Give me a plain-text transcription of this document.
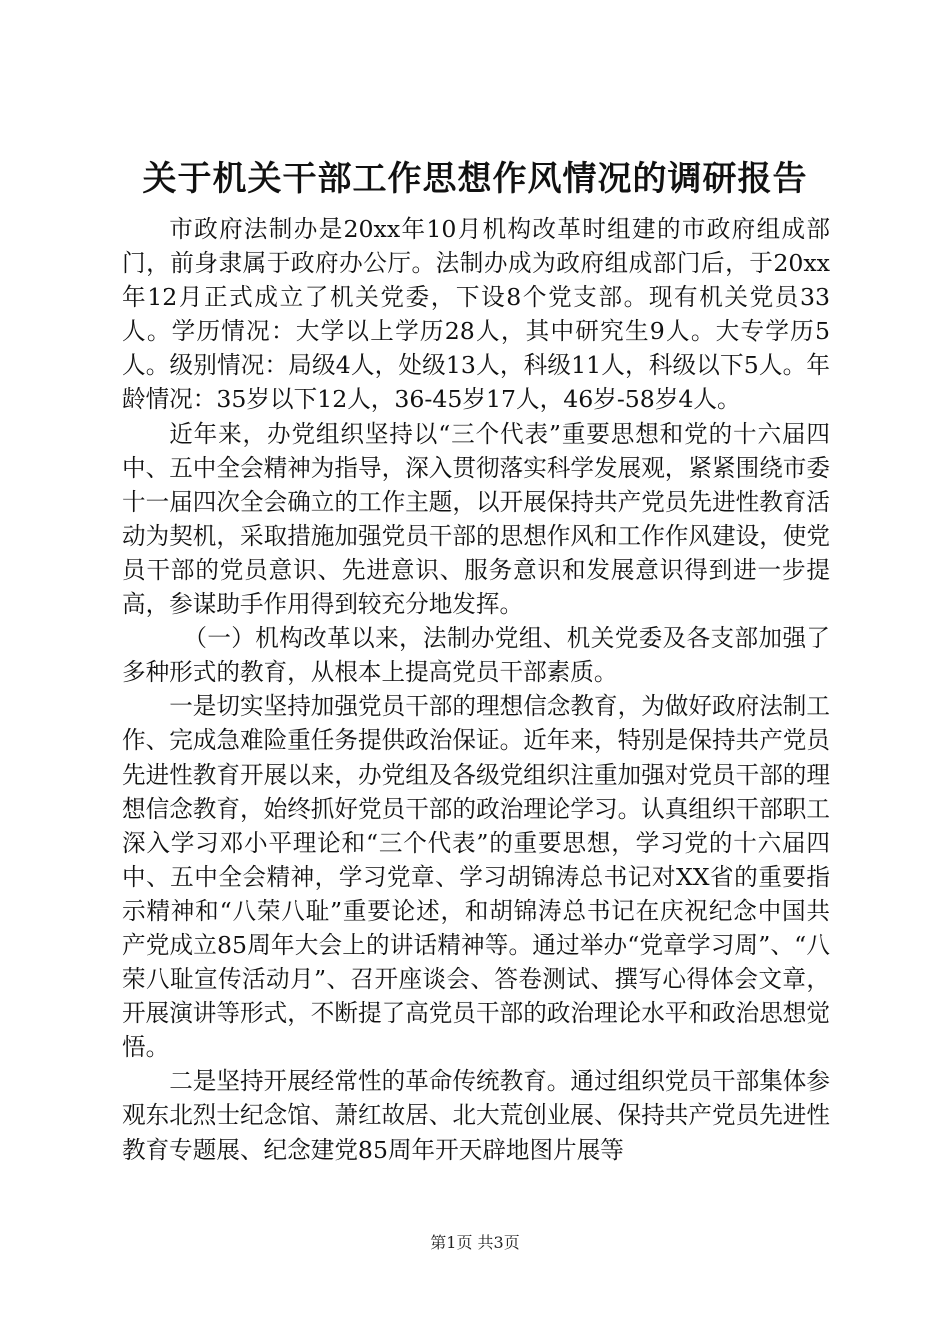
关于机关干部工作思想作风情况的调研报告

市政府法制办是20xx年10月机构改革时组建的市政府组成部门，前身隶属于政府办公厅。法制办成为政府组成部门后，于20xx年12月正式成立了机关党委，下设8个党支部。现有机关党员33人。学历情况：大学以上学历28人，其中研究生9人。大专学历5人。级别情况：局级4人，处级13人，科级11人，科级以下5人。年龄情况：35岁以下12人，36-45岁17人，46岁-58岁4人。

近年来，办党组织坚持以“三个代表”重要思想和党的十六届四中、五中全会精神为指导，深入贯彻落实科学发展观，紧紧围绕市委十一届四次全会确立的工作主题，以开展保持共产党员先进性教育活动为契机，采取措施加强党员干部的思想作风和工作作风建设，使党员干部的党员意识、先进意识、服务意识和发展意识得到进一步提高，参谋助手作用得到较充分地发挥。

（一）机构改革以来，法制办党组、机关党委及各支部加强了多种形式的教育，从根本上提高党员干部素质。

一是切实坚持加强党员干部的理想信念教育，为做好政府法制工作、完成急难险重任务提供政治保证。近年来，特别是保持共产党员先进性教育开展以来，办党组及各级党组织注重加强对党员干部的理想信念教育，始终抓好党员干部的政治理论学习。认真组织干部职工深入学习邓小平理论和“三个代表”的重要思想，学习党的十六届四中、五中全会精神，学习党章、学习胡锦涛总书记对XX省的重要指示精神和“八荣八耻”重要论述，和胡锦涛总书记在庆祝纪念中国共产党成立85周年大会上的讲话精神等。通过举办“党章学习周”、“八荣八耻宣传活动月”、召开座谈会、答卷测试、撰写心得体会文章，开展演讲等形式，不断提了高党员干部的政治理论水平和政治思想觉悟。

二是坚持开展经常性的革命传统教育。通过组织党员干部集体参观东北烈士纪念馆、萧红故居、北大荒创业展、保持共产党员先进性教育专题展、纪念建党85周年开天辟地图片展等

第1页 共3页
